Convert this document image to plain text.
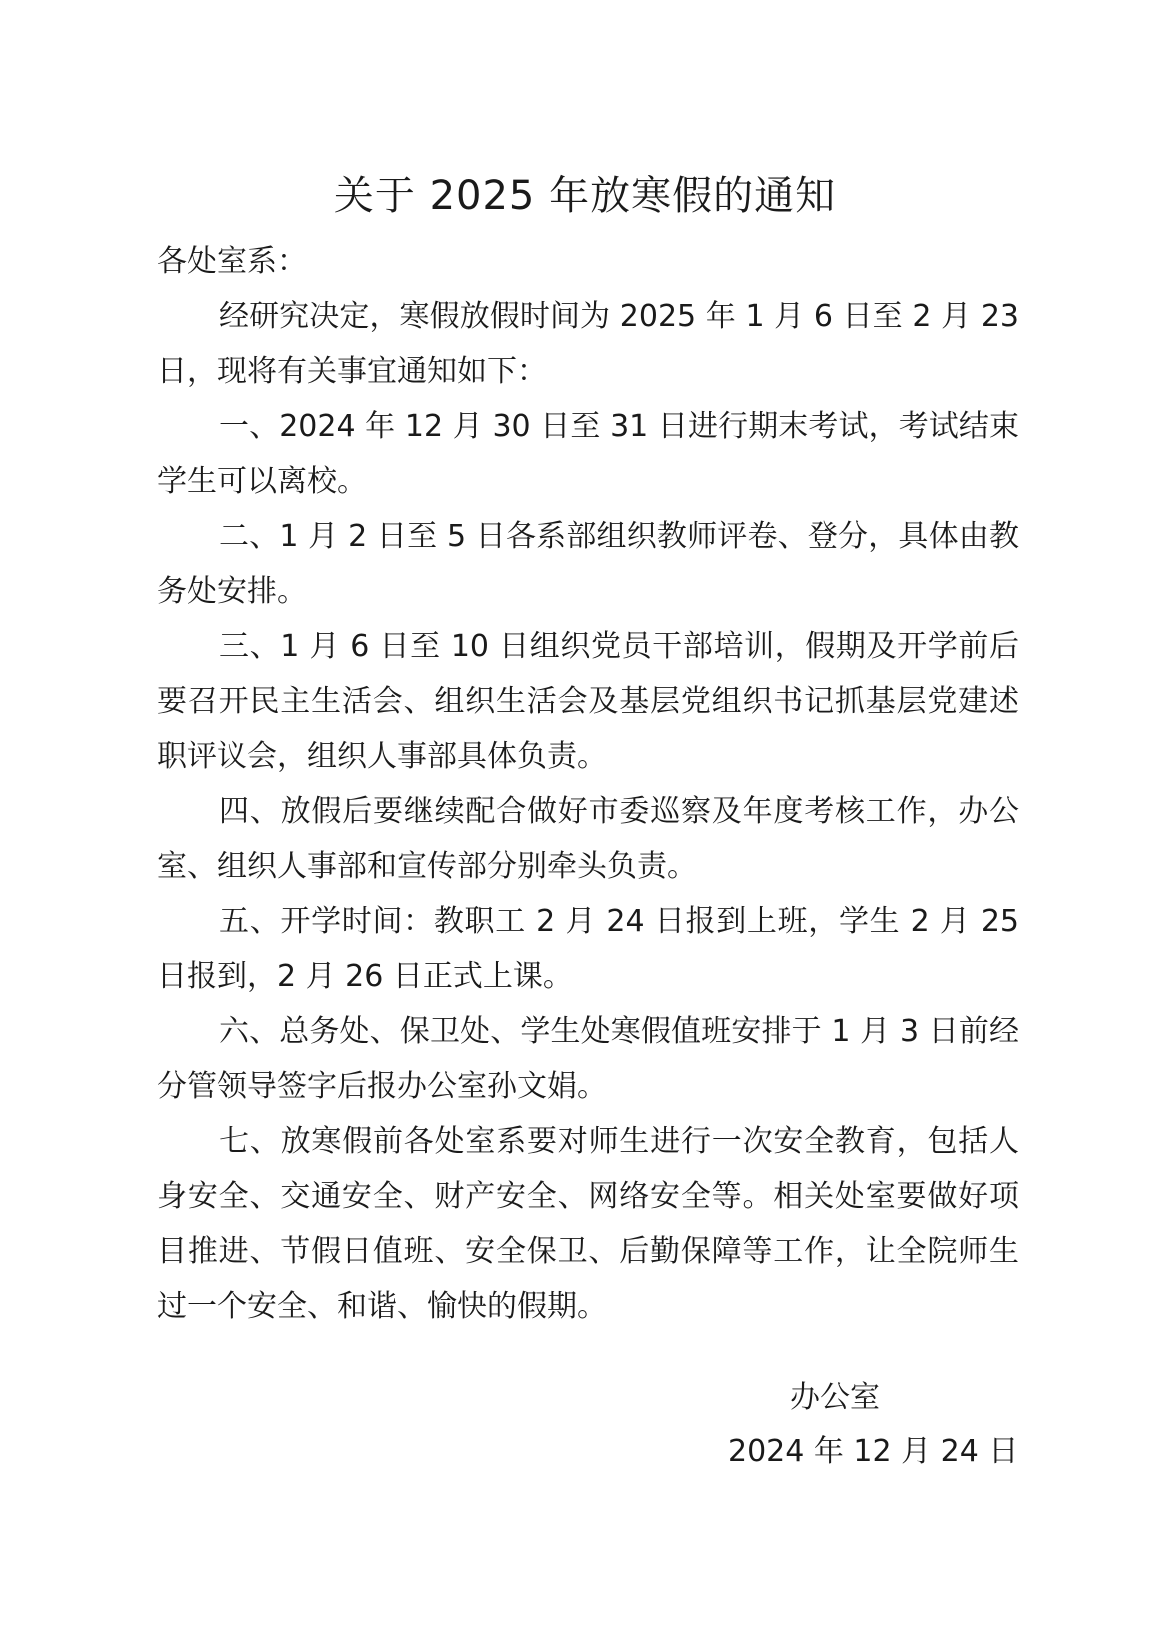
关于 2025 年放寒假的通知

各处室系：

经研究决定，寒假放假时间为 2025 年 1 月 6 日至 2 月 23 日，现将有关事宜通知如下：

一、2024 年 12 月 30 日至 31 日进行期末考试，考试结束学生可以离校。

二、1 月 2 日至 5 日各系部组织教师评卷、登分，具体由教务处安排。

三、1 月 6 日至 10 日组织党员干部培训，假期及开学前后要召开民主生活会、组织生活会及基层党组织书记抓基层党建述职评议会，组织人事部具体负责。

四、放假后要继续配合做好市委巡察及年度考核工作，办公室、组织人事部和宣传部分别牵头负责。

五、开学时间：教职工 2 月 24 日报到上班，学生 2 月 25 日报到，2 月 26 日正式上课。

六、总务处、保卫处、学生处寒假值班安排于 1 月 3 日前经分管领导签字后报办公室孙文娟。

七、放寒假前各处室系要对师生进行一次安全教育，包括人身安全、交通安全、财产安全、网络安全等。相关处室要做好项目推进、节假日值班、安全保卫、后勤保障等工作，让全院师生过一个安全、和谐、愉快的假期。

办公室
2024 年 12 月 24 日
